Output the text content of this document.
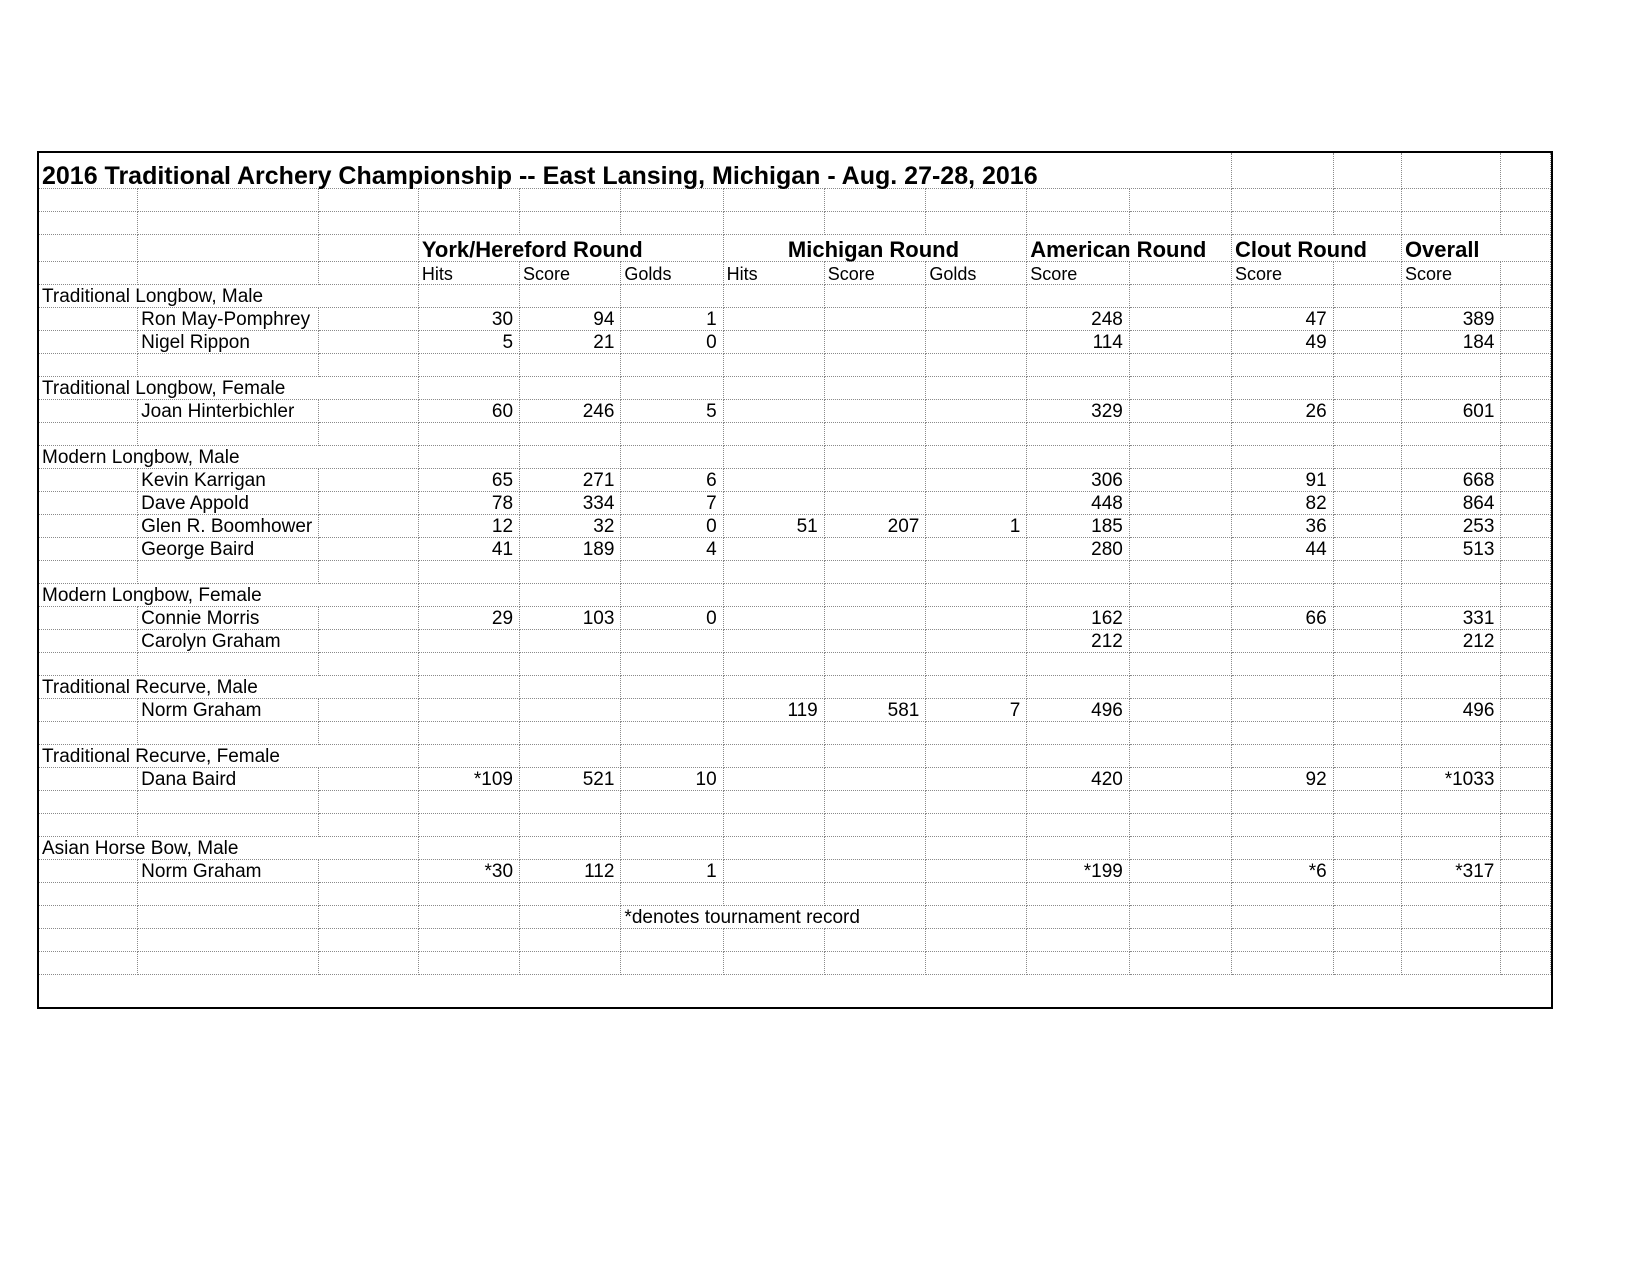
2016 Traditional Archery Championship -- East Lansing, Michigan - Aug. 27-28, 2016														

			York/Hereford Round			Michigan Round			American Round		Clout Round		Overall	
			Hits	Score	Golds	Hits	Score	Golds	Score		Score		Score	
Traditional Longbow, Male														
	Ron May-Pomphrey		30	94	1				248		47		389	
	Nigel Rippon		5	21	0				114		49		184	

Traditional Longbow, Female														
	Joan Hinterbichler		60	246	5				329		26		601	

Modern Longbow, Male														
	Kevin Karrigan		65	271	6				306		91		668	
	Dave Appold		78	334	7				448		82		864	
	Glen R. Boomhower		12	32	0	51	207	1	185		36		253	
	George Baird		41	189	4				280		44		513	

Modern Longbow, Female														
	Connie Morris		29	103	0				162		66		331	
	Carolyn Graham								212				212	

Traditional Recurve, Male														
	Norm Graham					119	581	7	496				496	

Traditional Recurve, Female														
	Dana Baird		*109	521	10				420		92		*1033	

Asian Horse Bow, Male														
	Norm Graham		*30	112	1				*199		*6		*317	

					*denotes tournament record									
